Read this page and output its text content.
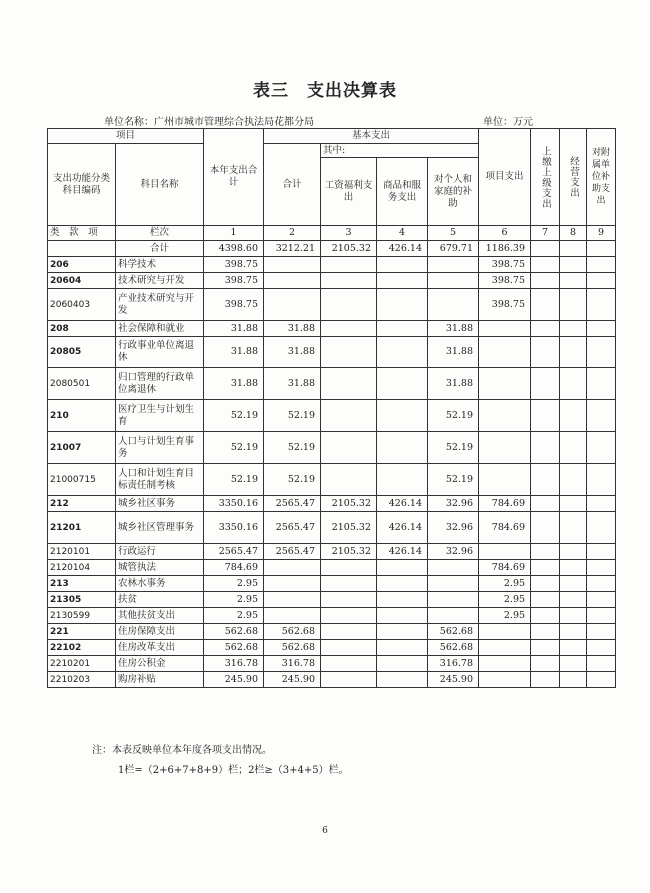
表三　支出决算表
单位名称：广州市城市管理综合执法局花都分局	单位：万元
项目		本年支出合计	基本支出				项目支出	上缴上级支出	经营支出	对附属单位补助支出
支出功能分类科目编码	科目名称		合计	其中:						
				工资福利支出	商品和服务支出	对个人和家庭的补助				
类　 款　 项	栏次	1	2	3	4	5	6	7	8	9
	合计	4398.60	3212.21	2105.32	426.14	679.71	1186.39			
206	科学技术	398.75					398.75			
20604	技术研究与开发	398.75					398.75			
2060403	产业技术研究与开发	398.75					398.75			
208	社会保障和就业	31.88	31.88			31.88				
20805	行政事业单位离退休	31.88	31.88			31.88				
2080501	归口管理的行政单位离退休	31.88	31.88			31.88				
210	医疗卫生与计划生育	52.19	52.19			52.19				
21007	人口与计划生育事务	52.19	52.19			52.19				
21000715	人口和计划生育目标责任制考核	52.19	52.19			52.19				
212	城乡社区事务	3350.16	2565.47	2105.32	426.14	32.96	784.69			
21201	城乡社区管理事务	3350.16	2565.47	2105.32	426.14	32.96	784.69			
2120101	行政运行	2565.47	2565.47	2105.32	426.14	32.96				
2120104	城管执法	784.69					784.69			
213	农林水事务	2.95					2.95			
21305	扶贫	2.95					2.95			
2130599	其他扶贫支出	2.95					2.95			
221	住房保障支出	562.68	562.68			562.68				
22102	住房改革支出	562.68	562.68			562.68				
2210201	住房公积金	316.78	316.78			316.78				
2210203	购房补贴	245.90	245.90			245.90				
注：本表反映单位本年度各项支出情况。
1栏=（2+6+7+8+9）栏；2栏≥（3+4+5）栏。
6
